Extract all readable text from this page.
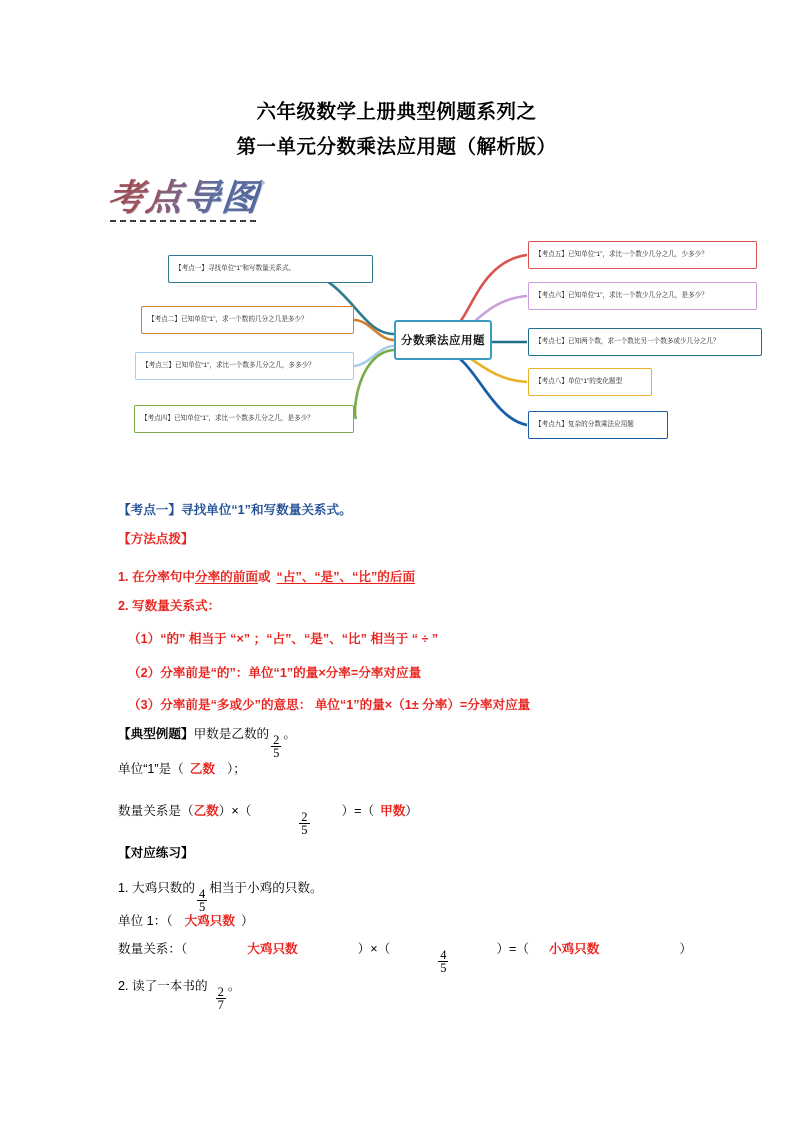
六年级数学上册典型例题系列之
第一单元分数乘法应用题（解析版）
考点导图
分数乘法应用题
【考点一】寻找单位“1”和写数量关系式。
【考点二】已知单位“1”，求一个数的几分之几是多少？
【考点三】已知单位“1”，求比一个数多几分之几，多多少？
【考点四】已知单位“1”，求比一个数多几分之几，是多少？
【考点五】已知单位“1”，求比一个数少几分之几，少多少？
【考点六】已知单位“1”，求比一个数少几分之几，是多少？
【考点七】已知两个数，求一个数比另一个数多或少几分之几？
【考点八】单位“1”的变化题型
【考点九】复杂的分数乘法应用题
【考点一】寻找单位“1”和写数量关系式。
【方法点拨】
1. 在分率句中分率的前面或 “占”、“是”、“比”的后面
2. 写数量关系式：
（1）“的” 相当于 “×” ；“占”、“是”、“比” 相当于 “ ÷ ”
（2）分率前是“的”：单位“1”的量×分率=分率对应量
（3）分率前是“多或少”的意思： 单位“1”的量×（1± 分率）=分率对应量
【典型例题】甲数是乙数的 $\frac{2}{5}$ 。
单位“1”是（ 乙数 ）；
数量关系是（乙数）×（	$\frac{2}{5}$	）=（ 甲数）
【对应练习】
1. 大鸡只数的 $\frac{4}{5}$ 相当于小鸡的只数。
单位 1：（ 大鸡只数 ）
数量关系：（	大鸡只数	）×（	$\frac{4}{5}$	）=（ 小鸡只数	）
2. 读了一本书的 $\frac{2}{7}$ 。
